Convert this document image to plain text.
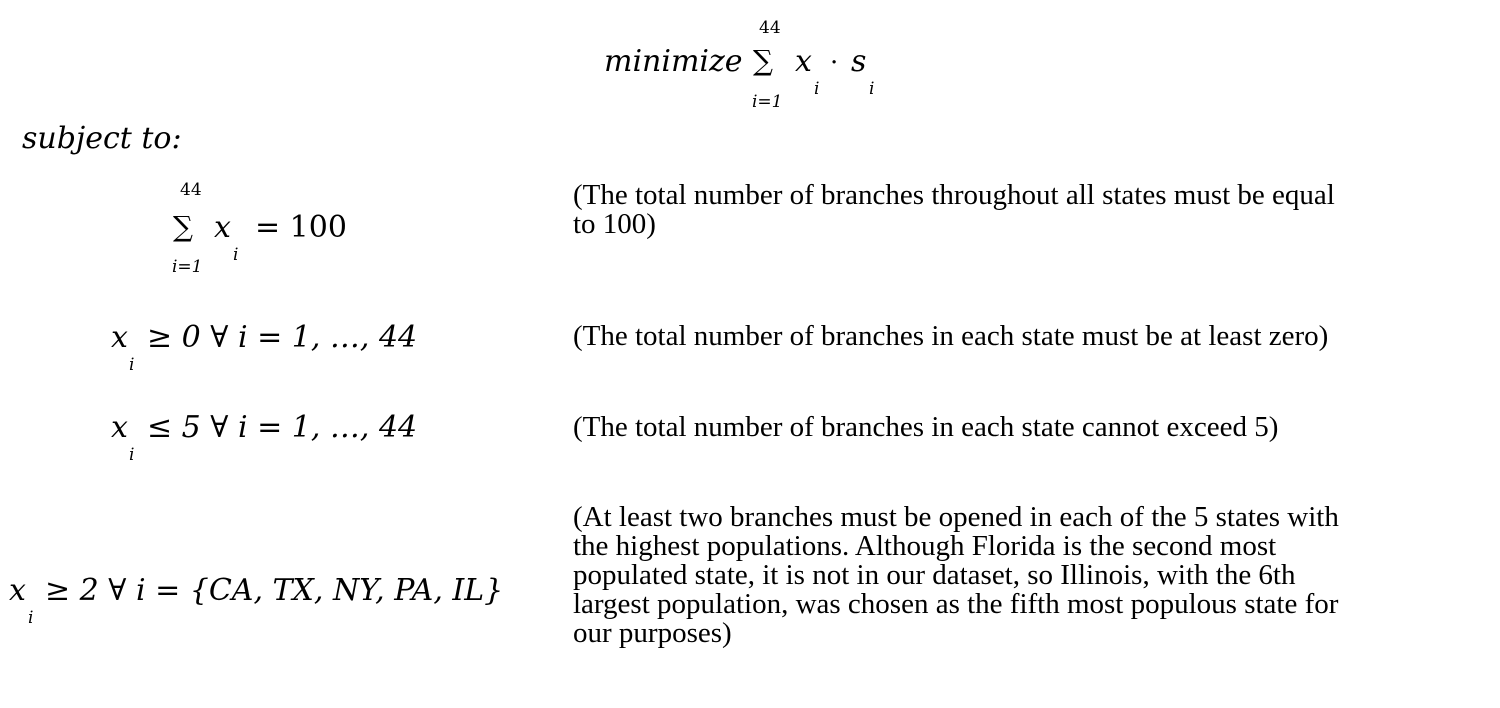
minimize
44
∑
i=1
x
i
· s
i
subject to:
44
∑
i=1
x
i
= 100
(The total number of branches throughout all states must be equal
to 100)
x
i
≥ 0 ∀ i = 1, …, 44	(The total number of branches in each state must be at least zero)
x
i
≤ 5 ∀ i = 1, …, 44	(The total number of branches in each state cannot exceed 5)
x
i
≥ 2 ∀ i = {CA, TX, NY, PA, IL}
(At least two branches must be opened in each of the 5 states with
the highest populations. Although Florida is the second most
populated state, it is not in our dataset, so Illinois, with the 6th
largest population, was chosen as the fifth most populous state for
our purposes)
